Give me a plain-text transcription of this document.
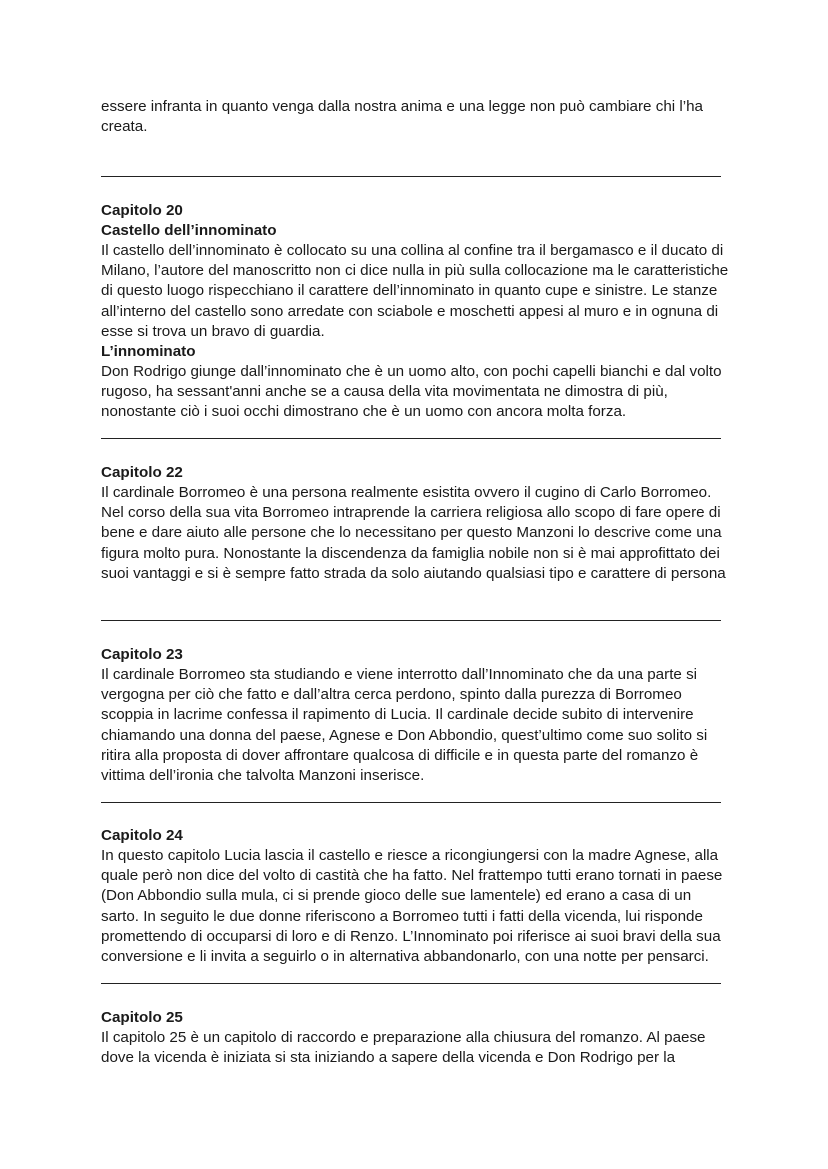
essere infranta in quanto venga dalla nostra anima e una legge non può cambiare chi l’ha creata.

Capitolo 20

Castello dell’innominato

Il castello dell’innominato è collocato su una collina al confine tra il bergamasco e il ducato di Milano, l’autore del manoscritto non ci dice nulla in più sulla collocazione ma le caratteristiche di questo luogo rispecchiano il carattere dell’innominato in quanto cupe e sinistre. Le stanze all’interno del castello sono arredate con sciabole e moschetti appesi al muro e in ognuna di esse si trova un bravo di guardia.

L’innominato

Don Rodrigo giunge dall’innominato che è un uomo alto, con pochi capelli bianchi e dal volto rugoso, ha sessant'anni anche se a causa della vita movimentata ne dimostra di più, nonostante ciò i suoi occhi dimostrano che è un uomo con ancora molta forza.

Capitolo 22

Il cardinale Borromeo è una persona realmente esistita ovvero il cugino di Carlo Borromeo. Nel corso della sua vita Borromeo intraprende la carriera religiosa allo scopo di fare opere di bene e dare aiuto alle persone che lo necessitano per questo Manzoni lo descrive come una figura molto pura. Nonostante la discendenza da famiglia nobile non si è mai approfittato dei suoi vantaggi e si è sempre fatto strada da solo aiutando qualsiasi tipo e carattere di persona

Capitolo 23

Il cardinale Borromeo sta studiando e viene interrotto dall’Innominato che da una parte si vergogna per ciò che fatto e dall’altra cerca perdono, spinto dalla purezza di Borromeo scoppia in lacrime confessa il rapimento di Lucia. Il cardinale decide subito di intervenire chiamando una donna del paese, Agnese e Don Abbondio, quest’ultimo come suo solito si ritira alla proposta di dover affrontare qualcosa di difficile e in questa parte del romanzo è vittima dell’ironia che talvolta Manzoni inserisce.

Capitolo 24

In questo capitolo Lucia lascia il castello e riesce a ricongiungersi con la madre Agnese, alla quale però non dice del volto di castità che ha fatto. Nel frattempo tutti erano tornati in paese (Don Abbondio sulla mula, ci si prende gioco delle sue lamentele) ed erano a casa di un sarto. In seguito le due donne riferiscono a Borromeo tutti i fatti della vicenda, lui risponde promettendo di occuparsi di loro e di Renzo. L’Innominato poi riferisce ai suoi bravi della sua conversione e li invita a seguirlo o in alternativa abbandonarlo, con una notte per pensarci.

Capitolo 25

Il capitolo 25 è un capitolo di raccordo e preparazione alla chiusura del romanzo. Al paese dove la vicenda è iniziata si sta iniziando a sapere della vicenda e Don Rodrigo per la
